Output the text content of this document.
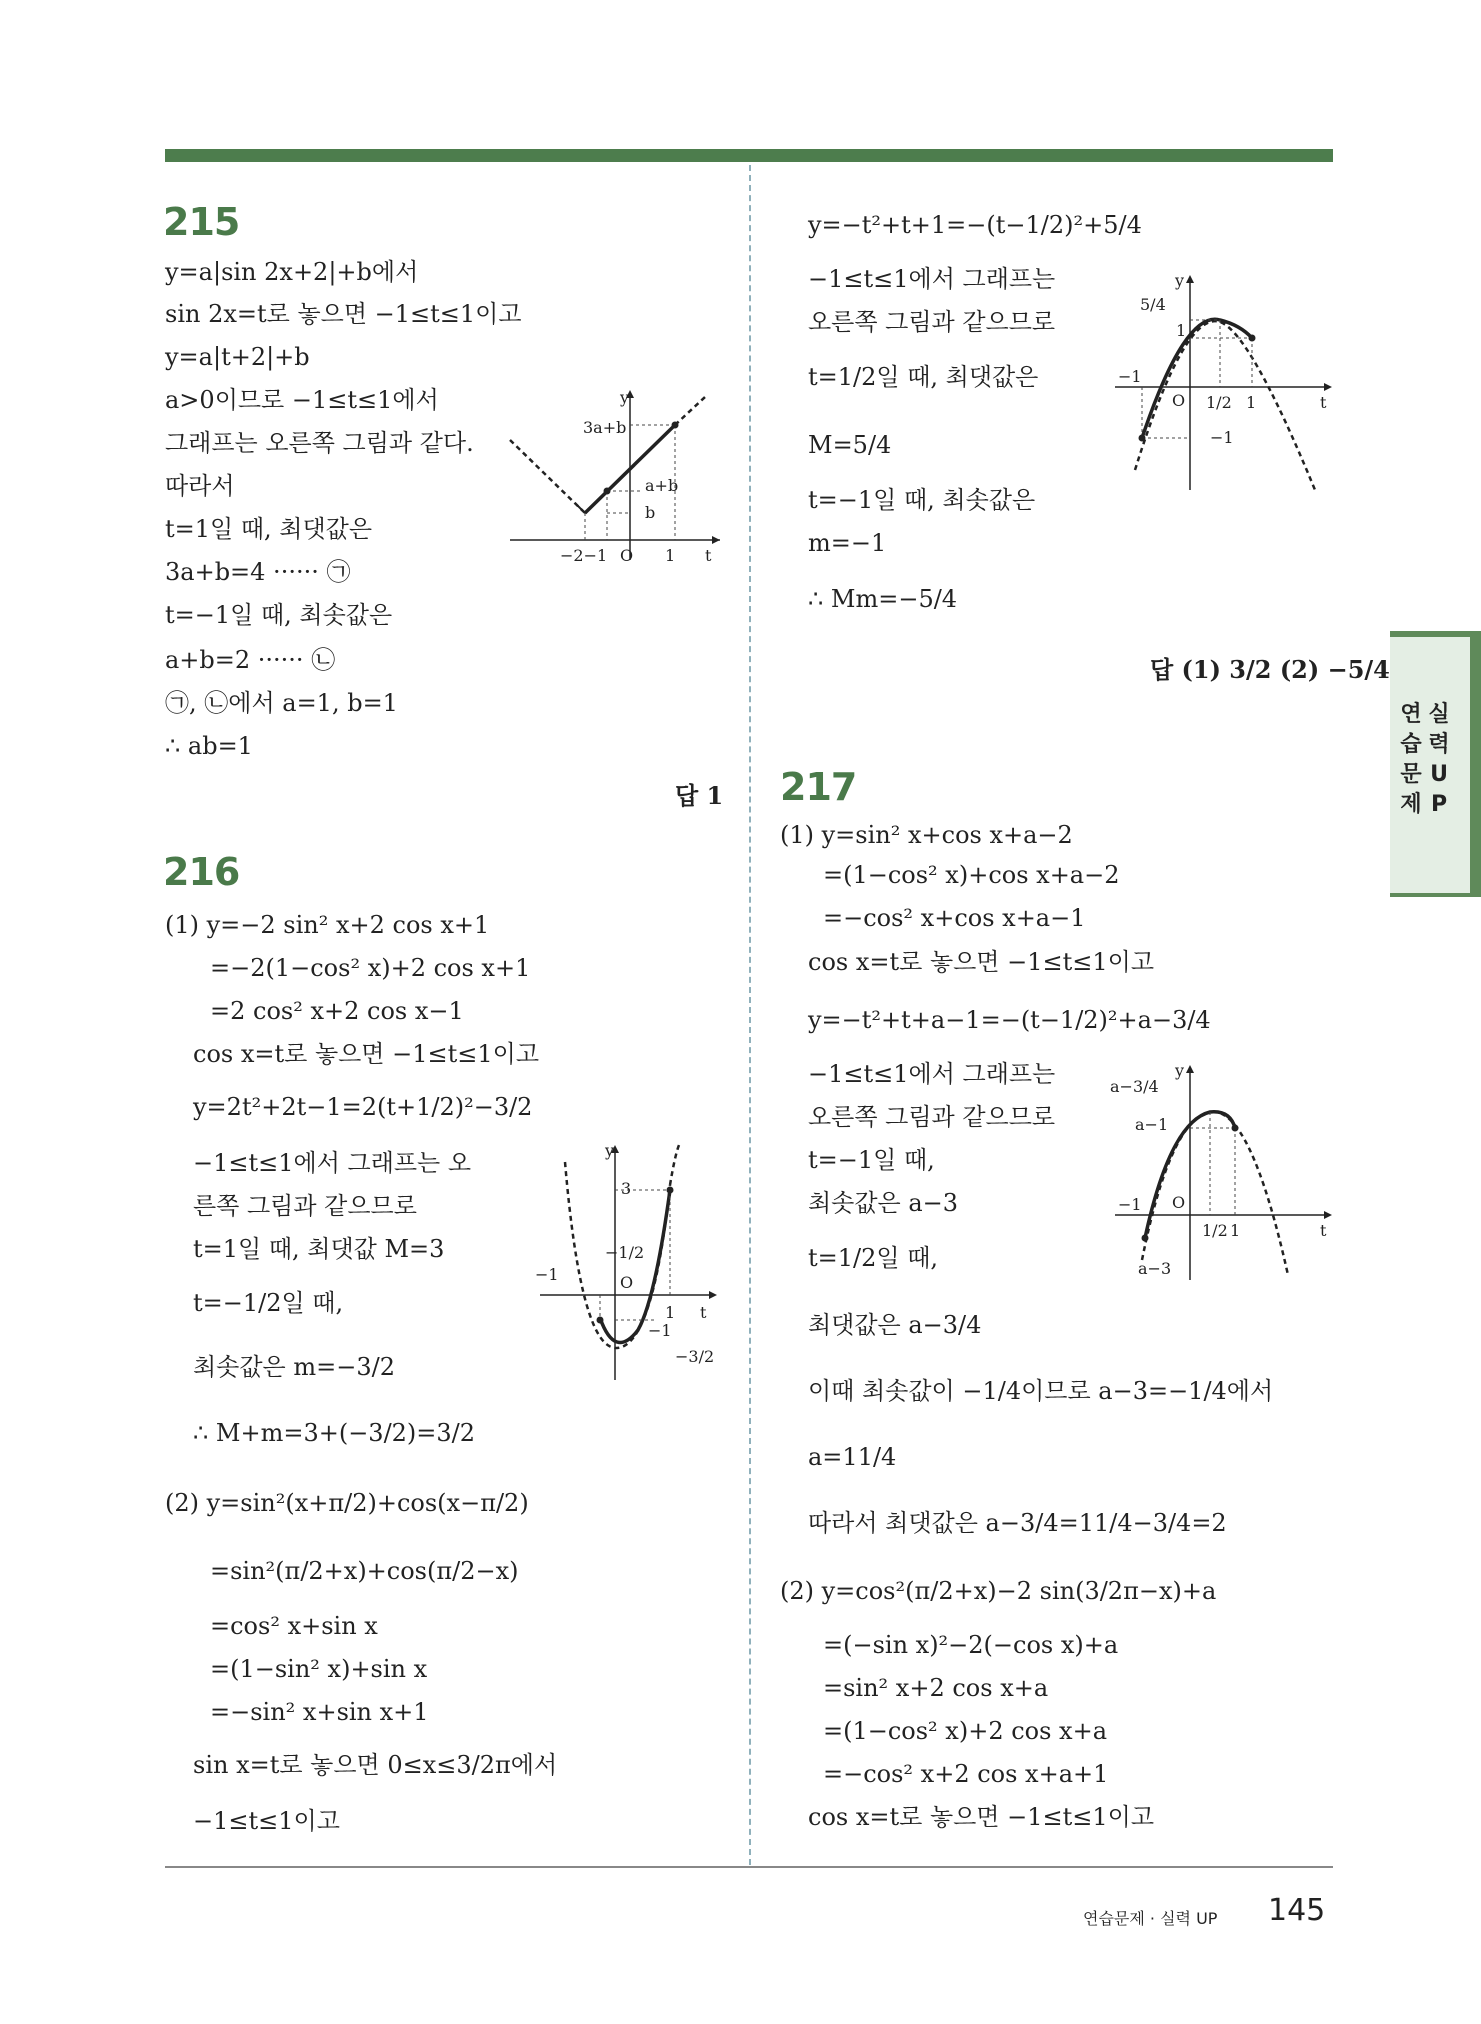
215
y=a|sin 2x+2|+b에서
sin 2x=t로 놓으면 −1≤t≤1이고
y=a|t+2|+b
a>0이므로 −1≤t≤1에서
그래프는 오른쪽 그림과 같다.
따라서
t=1일 때, 최댓값은
3a+b=4 ······ ㉠
t=−1일 때, 최솟값은
a+b=2 ······ ㉡
㉠, ㉡에서 a=1, b=1
∴ ab=1
답 1
y
t
O
3a+b
a+b
b
−2−1	1
216
(1) y=−2 sin² x+2 cos x+1
=−2(1−cos² x)+2 cos x+1
=2 cos² x+2 cos x−1
cos x=t로 놓으면 −1≤t≤1이고
y=2t²+2t−1=2(t+1/2)²−3/2
−1≤t≤1에서 그래프는 오
른쪽 그림과 같으므로
t=1일 때, 최댓값 M=3
t=−1/2일 때,
최솟값은 m=−3/2
∴ M+m=3+(−3/2)=3/2
(2) y=sin²(x+π/2)+cos(x−π/2)
=sin²(π/2+x)+cos(π/2−x)
=cos² x+sin x
=(1−sin² x)+sin x
=−sin² x+sin x+1
sin x=t로 놓으면 0≤x≤3/2π에서
−1≤t≤1이고
y
t
O
3
−1
−1/2
1
−1
−3/2
y=−t²+t+1=−(t−1/2)²+5/4
−1≤t≤1에서 그래프는
오른쪽 그림과 같으므로
t=1/2일 때, 최댓값은
M=5/4
t=−1일 때, 최솟값은
m=−1
∴ Mm=−5/4
답 (1) 3/2 (2) −5/4
y
t
O
5/4
1
−1
1/2 1
−1
217
(1) y=sin² x+cos x+a−2
=(1−cos² x)+cos x+a−2
=−cos² x+cos x+a−1
cos x=t로 놓으면 −1≤t≤1이고
y=−t²+t+a−1=−(t−1/2)²+a−3/4
−1≤t≤1에서 그래프는
오른쪽 그림과 같으므로
t=−1일 때,
최솟값은 a−3
t=1/2일 때,
최댓값은 a−3/4
이때 최솟값이 −1/4이므로 a−3=−1/4에서
a=11/4
따라서 최댓값은 a−3/4=11/4−3/4=2
(2) y=cos²(π/2+x)−2 sin(3/2π−x)+a
=(−sin x)²−2(−cos x)+a
=sin² x+2 cos x+a
=(1−cos² x)+2 cos x+a
=−cos² x+2 cos x+a+1
cos x=t로 놓으면 −1≤t≤1이고
y
t
O
a−3/4
a−1
−1
1/2 1
a−3
연
습
문
제
실
력
U
P
연습문제 · 실력 UP 145
